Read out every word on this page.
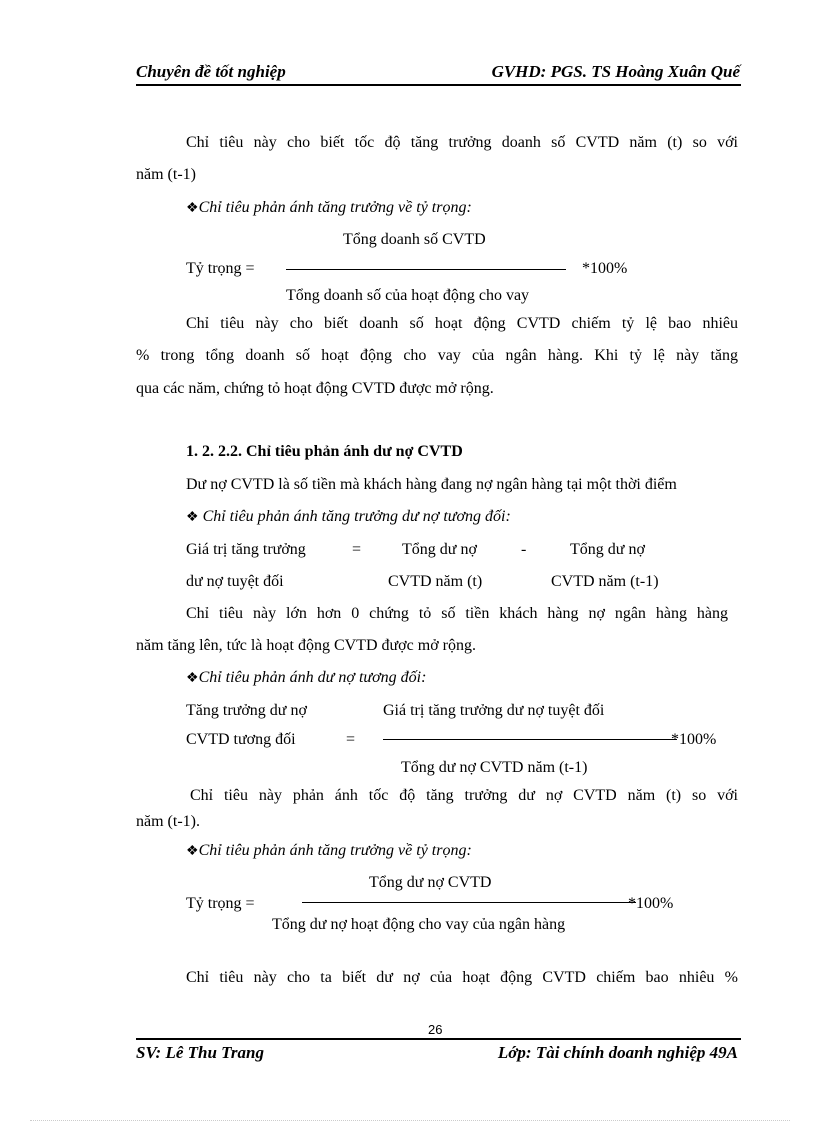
Chuyên đề tốt nghiệp	GVHD: PGS. TS Hoàng Xuân Quế
Chỉ tiêu này cho biết tốc độ tăng trưởng doanh số CVTD năm (t) so với
năm (t-1)
❖Chỉ tiêu phản ánh tăng trưởng về tỷ trọng:
Tổng doanh số CVTD
Tỷ trọng =	*100%
Tổng doanh số của hoạt động cho vay
Chỉ tiêu này cho biết doanh số hoạt động CVTD chiếm tỷ lệ bao nhiêu
% trong tổng doanh số hoạt động cho vay của ngân hàng. Khi tỷ lệ này tăng
qua các năm, chứng tỏ hoạt động CVTD được mở rộng.
1. 2. 2.2. Chỉ tiêu phản ánh dư nợ CVTD
Dư nợ CVTD là số tiền mà khách hàng đang nợ ngân hàng tại một thời điểm
❖ Chỉ tiêu phản ánh tăng trưởng dư nợ tương đối:
Giá trị tăng trưởng	=	Tổng dư nợ	-	Tổng dư nợ
dư nợ tuyệt đối	CVTD năm (t)	CVTD năm (t-1)
Chỉ tiêu này lớn hơn 0 chứng tỏ số tiền khách hàng nợ ngân hàng hàng
năm tăng lên, tức là hoạt động CVTD được mở rộng.
❖Chỉ tiêu phản ánh dư nợ tương đối:
Tăng trưởng dư nợ	Giá trị tăng trưởng dư nợ tuyệt đối
CVTD tương đối	=	*100%
Tổng dư nợ CVTD năm (t-1)
Chỉ tiêu này phản ánh tốc độ tăng trưởng dư nợ CVTD năm (t) so với
năm (t-1).
❖Chỉ tiêu phản ánh tăng trưởng về tỷ trọng:
Tổng dư nợ CVTD
Tỷ trọng =	*100%
Tổng dư nợ hoạt động cho vay của ngân hàng
Chỉ tiêu này cho ta biết dư nợ của hoạt động CVTD chiếm bao nhiêu %
26
SV: Lê Thu Trang	Lớp: Tài chính doanh nghiệp 49A
